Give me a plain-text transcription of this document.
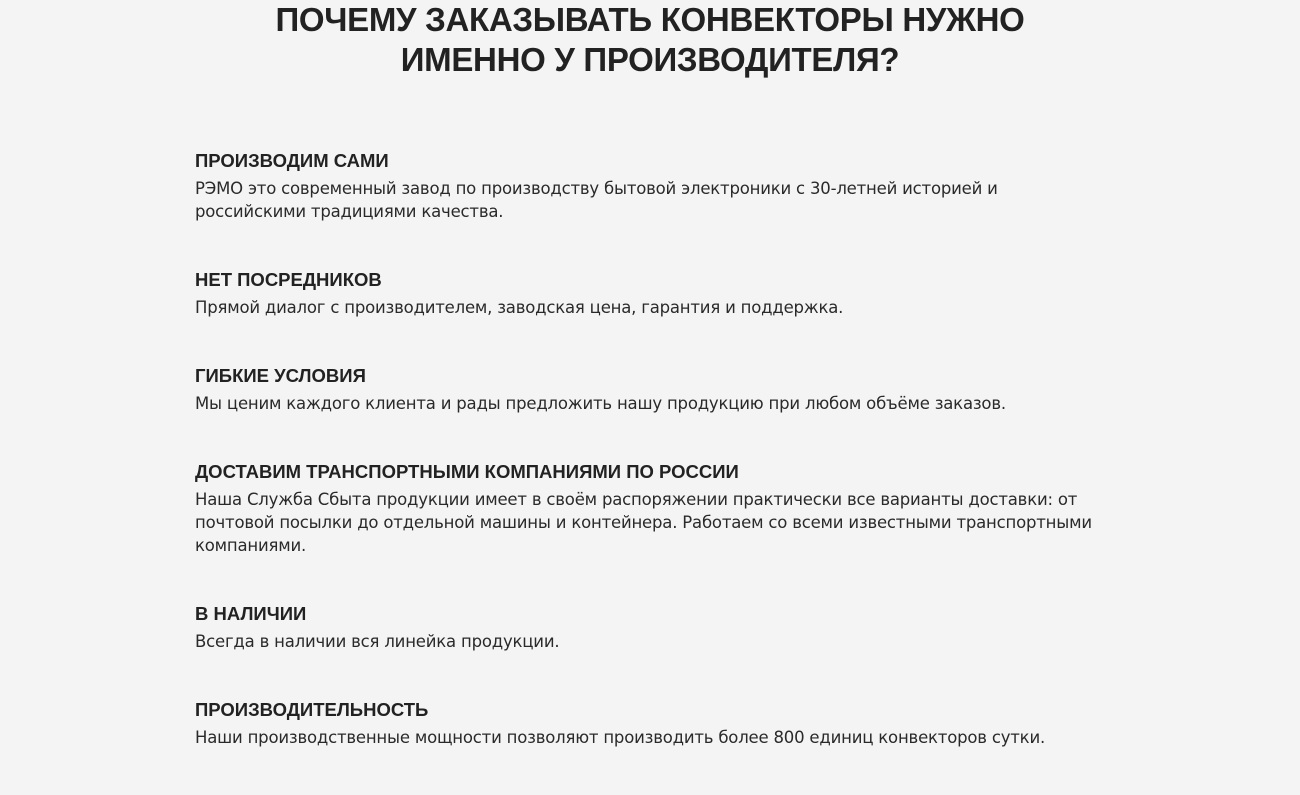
ПОЧЕМУ ЗАКАЗЫВАТЬ КОНВЕКТОРЫ НУЖНО
ИМЕННО У ПРОИЗВОДИТЕЛЯ?
ПРОИЗВОДИМ САМИ

РЭМО это современный завод по производству бытовой электроники с 30-летней историей и российскими традициями качества.

НЕТ ПОСРЕДНИКОВ

Прямой диалог с производителем, заводская цена, гарантия и поддержка.

ГИБКИЕ УСЛОВИЯ

Мы ценим каждого клиента и рады предложить нашу продукцию при любом объёме заказов.

ДОСТАВИМ ТРАНСПОРТНЫМИ КОМПАНИЯМИ ПО РОССИИ

Наша Служба Сбыта продукции имеет в своём распоряжении практически все варианты доставки: от почтовой посылки до отдельной машины и контейнера. Работаем со всеми известными транспортными компаниями.

В НАЛИЧИИ

Всегда в наличии вся линейка продукции.

ПРОИЗВОДИТЕЛЬНОСТЬ

Наши производственные мощности позволяют производить более 800 единиц конвекторов сутки.
